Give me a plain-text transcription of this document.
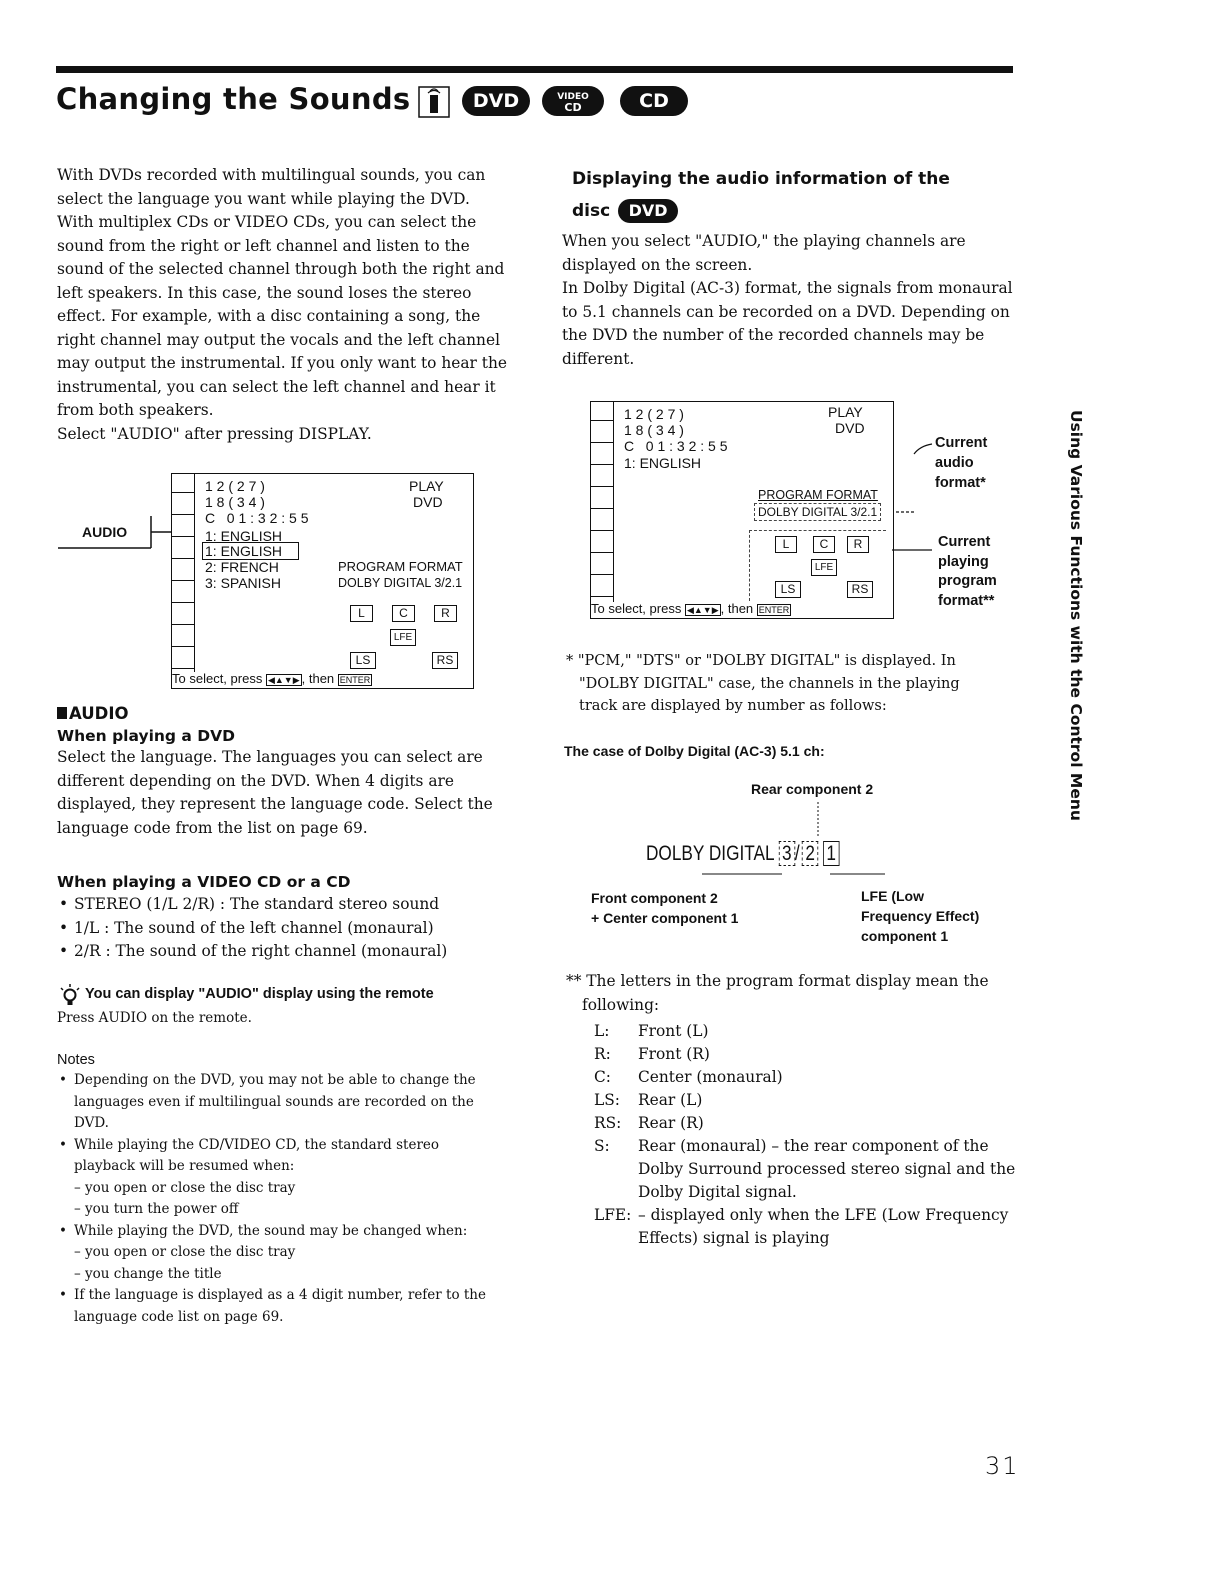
Changing the Sounds	DVD	VIDEO
CD	CD

With DVDs recorded with multilingual sounds, you can

select the language you want while playing the DVD.

With multiplex CDs or VIDEO CDs, you can select the

sound from the right or left channel and listen to the

sound of the selected channel through both the right and

left speakers. In this case, the sound loses the stereo

effect. For example, with a disc containing a song, the

right channel may output the vocals and the left channel

may output the instrumental. If you only want to hear the

instrumental, you can select the left channel and hear it

from both speakers.

Select "AUDIO" after pressing DISPLAY.

AUDIO
1 2 ( 2 7 )
1 8 ( 3 4 )
C   0 1 : 3 2 : 5 5
PLAY
DVD
1: ENGLISH
1: ENGLISH
2: FRENCH
3: SPANISH
PROGRAM FORMAT
DOLBY DIGITAL 3/2.1
L	C	R
LFE
LS	RS
To select, press ◀▲▼▶ , then ENTER
AUDIO
When playing a DVD

Select the language. The languages you can select are

different depending on the DVD. When 4 digits are

displayed, they represent the language code. Select the

language code from the list on page 69.

When playing a VIDEO CD or a CD
• STEREO (1/L 2/R) : The standard stereo sound
• 1/L : The sound of the left channel (monaural)
• 2/R : The sound of the right channel (monaural)
You can display "AUDIO" display using the remote
Press AUDIO on the remote.
Notes
• Depending on the DVD, you may not be able to change the
languages even if multilingual sounds are recorded on the
DVD.
• While playing the CD/VIDEO CD, the standard stereo
playback will be resumed when:
– you open or close the disc tray
– you turn the power off
• While playing the DVD, the sound may be changed when:
– you open or close the disc tray
– you change the title
• If the language is displayed as a 4 digit number, refer to the
language code list on page 69.
Displaying the audio information of the
disc DVD

When you select "AUDIO," the playing channels are

displayed on the screen.

In Dolby Digital (AC-3) format, the signals from monaural

to 5.1 channels can be recorded on a DVD. Depending on

the DVD the number of the recorded channels may be

different.

1 2 ( 2 7 )
1 8 ( 3 4 )
C   0 1 : 3 2 : 5 5
1: ENGLISH
PLAY
DVD
PROGRAM FORMAT
DOLBY DIGITAL 3/2.1
L	C	R
LFE
LS	RS
To select, press ◀▲▼▶ , then ENTER
Current
audio
format*
Current
playing
program
format**
* "PCM," "DTS" or "DOLBY DIGITAL" is displayed. In
"DOLBY DIGITAL" case, the channels in the playing
track are displayed by number as follows:
The case of Dolby Digital (AC-3) 5.1 ch:
Rear component 2
DOLBY DIGITAL 3 / 2 1
Front component 2
+ Center component 1
LFE (Low
Frequency Effect)
component 1
** The letters in the program format display mean the
following:
L: Front (L)
R: Front (R)
C: Center (monaural)
LS: Rear (L)
RS: Rear (R)
S: Rear (monaural) – the rear component of the
Dolby Surround processed stereo signal and the
Dolby Digital signal.
LFE: – displayed only when the LFE (Low Frequency
Effects) signal is playing
Using Various Functions with the Control Menu
31
